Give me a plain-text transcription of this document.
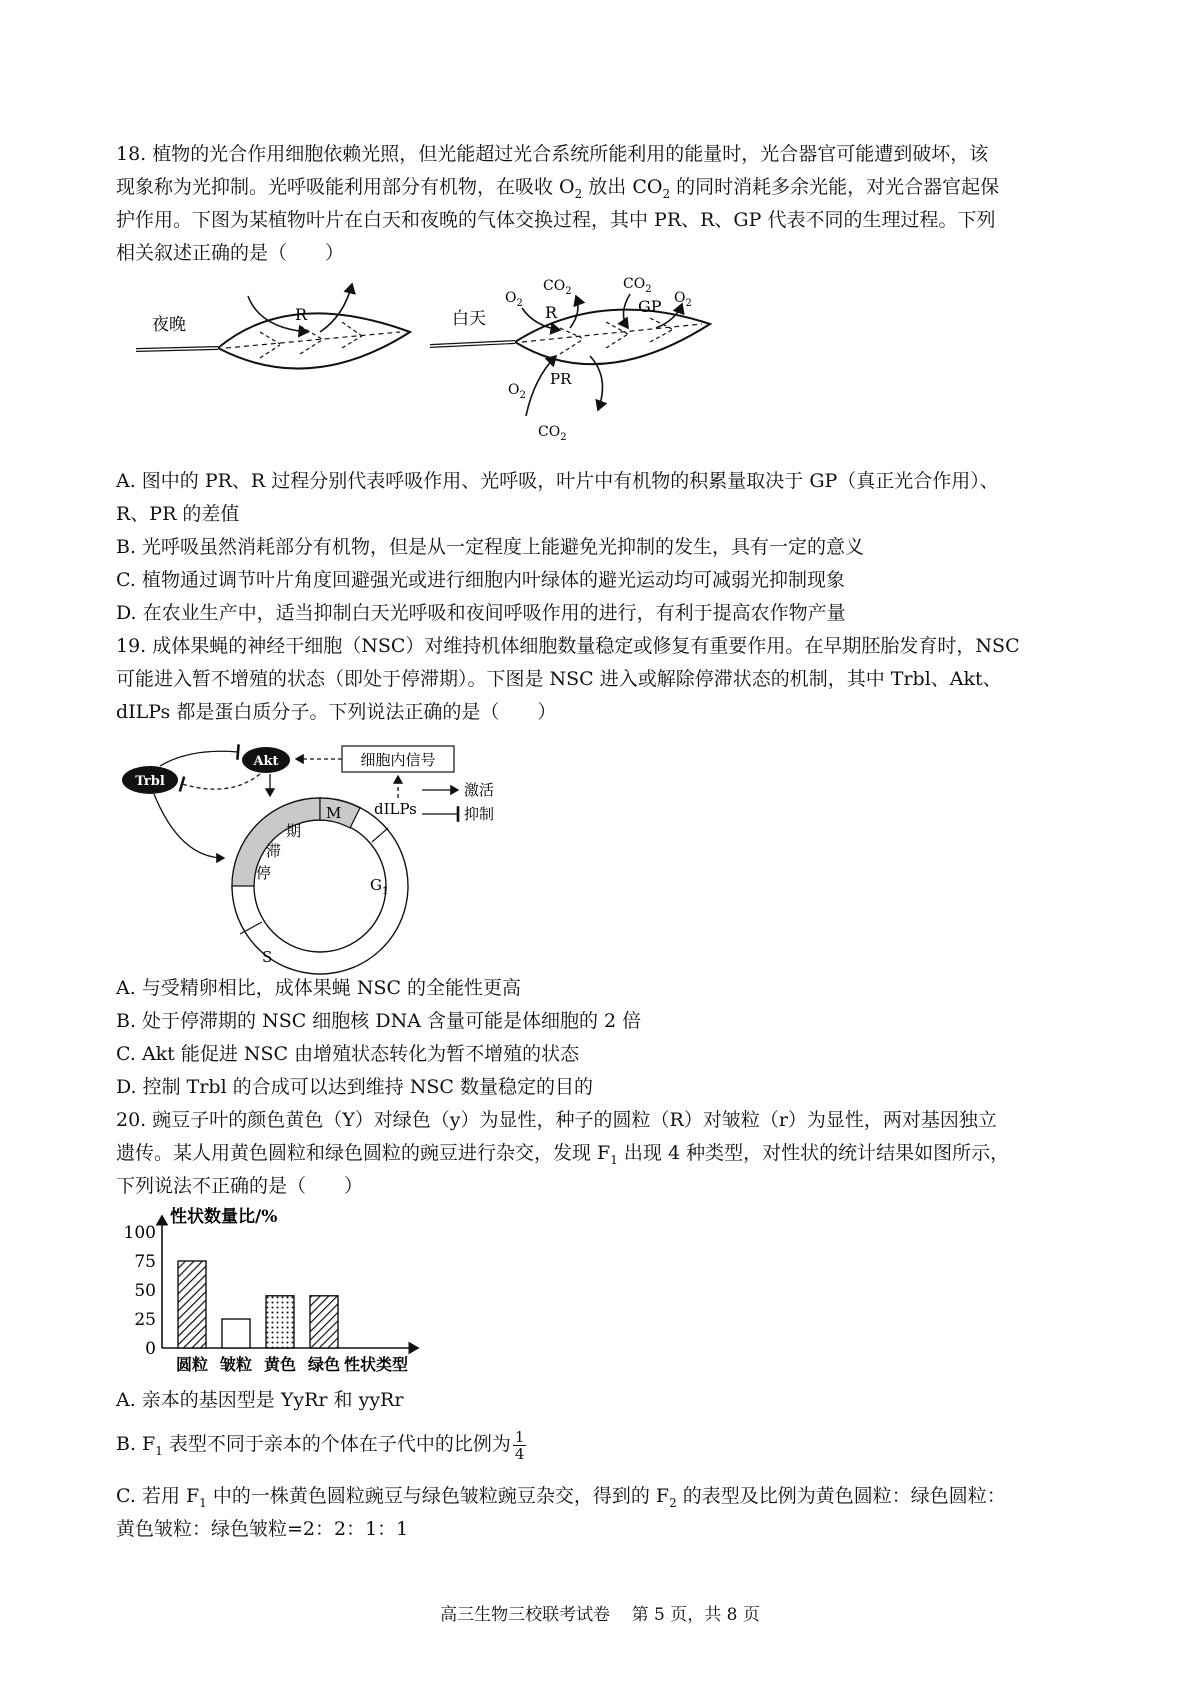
18. 植物的光合作用细胞依赖光照，但光能超过光合系统所能利用的能量时，光合器官可能遭到破坏，该

现象称为光抑制。光呼吸能利用部分有机物，在吸收 $O_2$ 放出 $CO_2$ 的同时消耗多余光能，对光合器官起保

护作用。下图为某植物叶片在白天和夜晚的气体交换过程，其中 PR、R、GP 代表不同的生理过程。下列

相关叙述正确的是（　　）

夜晚
R	白天
$O_2$
$CO_2$
R
$CO_2$
$O_2$
GP
PR
$O_2$
$CO_2$

A. 图中的 PR、R 过程分别代表呼吸作用、光呼吸，叶片中有机物的积累量取决于 GP（真正光合作用）、

R、PR 的差值

B. 光呼吸虽然消耗部分有机物，但是从一定程度上能避免光抑制的发生，具有一定的意义

C. 植物通过调节叶片角度回避强光或进行细胞内叶绿体的避光运动均可减弱光抑制现象

D. 在农业生产中，适当抑制白天光呼吸和夜间呼吸作用的进行，有利于提高农作物产量

19. 成体果蝇的神经干细胞（NSC）对维持机体细胞数量稳定或修复有重要作用。在早期胚胎发育时，NSC

可能进入暂不增殖的状态（即处于停滞期）。下图是 NSC 进入或解除停滞状态的机制，其中 Trbl、Akt、

dILPs 都是蛋白质分子。下列说法正确的是（　　）

停
滞
期
M
$G_1$
S
Trbl
Akt	细胞内信号
dILPs
激活
抑制

A. 与受精卵相比，成体果蝇 NSC 的全能性更高

B. 处于停滞期的 NSC 细胞核 DNA 含量可能是体细胞的 2 倍

C. Akt 能促进 NSC 由增殖状态转化为暂不增殖的状态

D. 控制 Trbl 的合成可以达到维持 NSC 数量稳定的目的

20. 豌豆子叶的颜色黄色（Y）对绿色（y）为显性，种子的圆粒（R）对皱粒（r）为显性，两对基因独立

遗传。某人用黄色圆粒和绿色圆粒的豌豆进行杂交，发现 $F_1$ 出现 4 种类型，对性状的统计结果如图所示，

下列说法不正确的是（　　）

性状数量比/%
0
25
50
75
100
圆粒 皱粒 黄色 绿色 性状类型

A. 亲本的基因型是 YyRr 和 yyRr

B. $F_1$ 表型不同于亲本的个体在子代中的比例为 $\frac{1}{4}$

C. 若用 $F_1$ 中的一株黄色圆粒豌豆与绿色皱粒豌豆杂交，得到的 $F_2$ 的表型及比例为黄色圆粒：绿色圆粒：

黄色皱粒：绿色皱粒=2：2：1：1

高三生物三校联考试卷 第 5 页，共 8 页
